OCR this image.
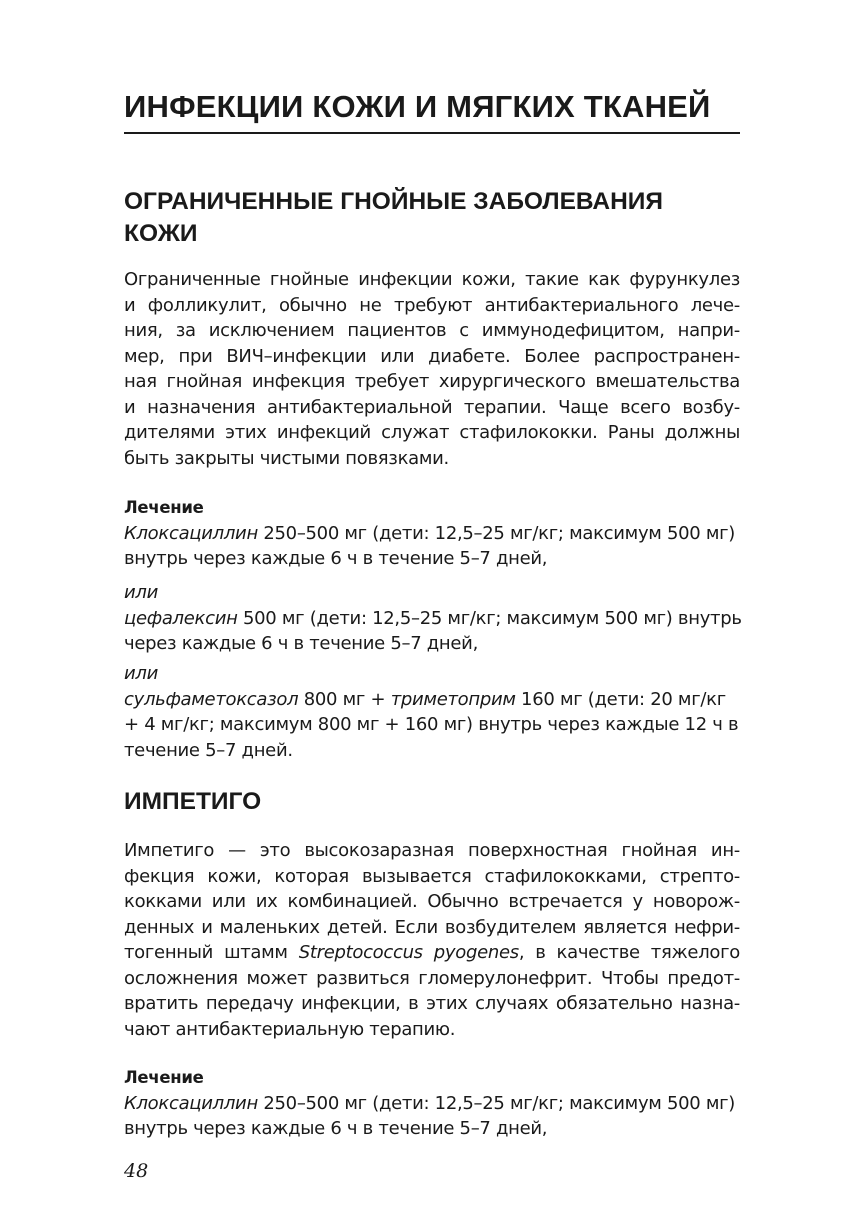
ИНФЕКЦИИ КОЖИ И МЯГКИХ ТКАНЕЙ
ОГРАНИЧЕННЫЕ ГНОЙНЫЕ ЗАБОЛЕВАНИЯ
КОЖИ
Ограниченные гнойные инфекции кожи, такие как фурункулез
и фолликулит, обычно не требуют антибактериального лече-
ния, за исключением пациентов с иммунодефицитом, напри-
мер, при ВИЧ–инфекции или диабете. Более распространен-
ная гнойная инфекция требует хирургического вмешательства
и назначения антибактериальной терапии. Чаще всего возбу-
дителями этих инфекций служат стафилококки. Раны должны
быть закрыты чистыми повязками.
Лечение
Клоксациллин 250–500 мг (дети: 12,5–25 мг/кг; максимум 500 мг)
внутрь через каждые 6 ч в течение 5–7 дней,
или
цефалексин 500 мг (дети: 12,5–25 мг/кг; максимум 500 мг) внутрь
через каждые 6 ч в течение 5–7 дней,
или
сульфаметоксазол 800 мг + триметоприм 160 мг (дети: 20 мг/кг
+ 4 мг/кг; максимум 800 мг + 160 мг) внутрь через каждые 12 ч в
течение 5–7 дней.
ИМПЕТИГО
Импетиго — это высокозаразная поверхностная гнойная ин-
фекция кожи, которая вызывается стафилококками, стрепто-
кокками или их комбинацией. Обычно встречается у новорож-
денных и маленьких детей. Если возбудителем является нефри-
тогенный штамм Streptococcus pyogenes, в качестве тяжелого
осложнения может развиться гломерулонефрит. Чтобы предот-
вратить передачу инфекции, в этих случаях обязательно назна-
чают антибактериальную терапию.
Лечение
Клоксациллин 250–500 мг (дети: 12,5–25 мг/кг; максимум 500 мг)
внутрь через каждые 6 ч в течение 5–7 дней,
48
